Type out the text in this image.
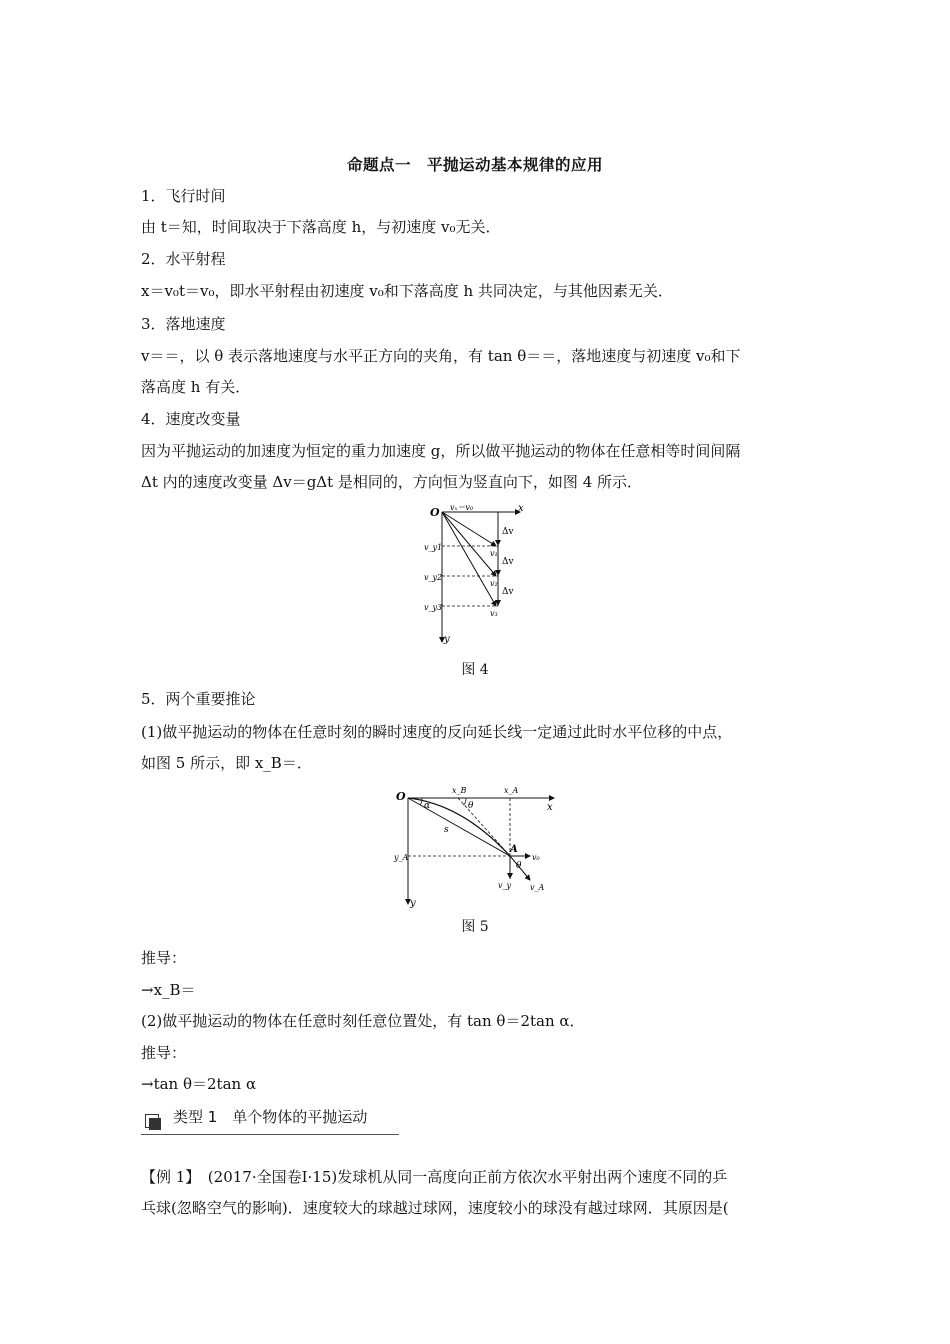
命题点一　平抛运动基本规律的应用
1．飞行时间
由 t＝知，时间取决于下落高度 h，与初速度 v₀无关．
2．水平射程
x＝v₀t＝v₀，即水平射程由初速度 v₀和下落高度 h 共同决定，与其他因素无关．
3．落地速度
v＝＝，以 θ 表示落地速度与水平正方向的夹角，有 tan θ＝＝，落地速度与初速度 v₀和下
落高度 h 有关．
4．速度改变量
因为平抛运动的加速度为恒定的重力加速度 g，所以做平抛运动的物体在任意相等时间间隔
Δt 内的速度改变量 Δv＝gΔt 是相同的，方向恒为竖直向下，如图 4 所示．
O	x
y
vₓ＝v₀
v₁
v₂
v₃
v_y1
v_y2
v_y3
Δv
Δv
Δv
图 4
5．两个重要推论
(1)做平抛运动的物体在任意时刻的瞬时速度的反向延长线一定通过此时水平位移的中点，
如图 5 所示，即 x_B＝．
O
x
y
x_B	x_A
y_A
α	θ
s
A
v₀
θ
v_y v_A
图 5
推导：
→x_B＝
(2)做平抛运动的物体在任意时刻任意位置处，有 tan θ＝2tan α．
推导：
→tan θ＝2tan α
类型 1　单个物体的平抛运动
【例 1】　(2017·全国卷Ⅰ·15)发球机从同一高度向正前方依次水平射出两个速度不同的乒
乓球(忽略空气的影响)．速度较大的球越过球网，速度较小的球没有越过球网．其原因是(
